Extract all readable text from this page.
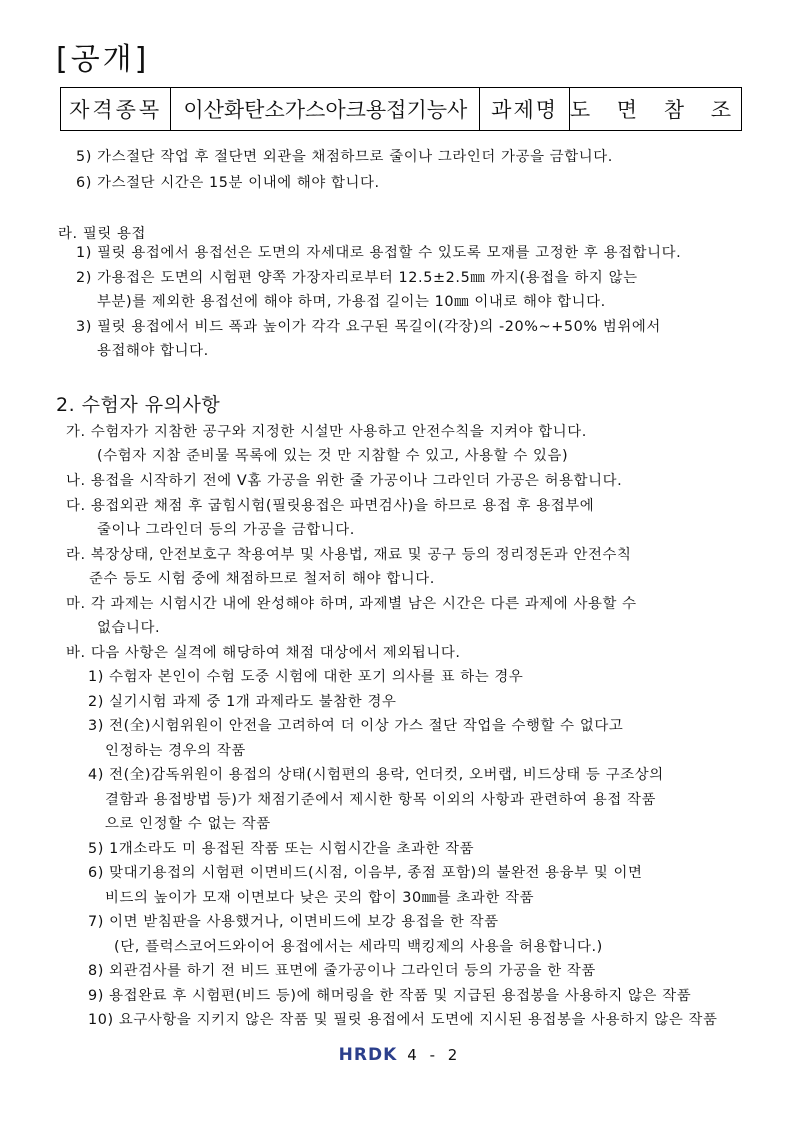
[공개]
자격종목	이산화탄소가스아크용접기능사	과제명	도 면 참 조
5) 가스절단 작업 후 절단면 외관을 채점하므로 줄이나 그라인더 가공을 금합니다.
6) 가스절단 시간은 15분 이내에 해야 합니다.
라. 필릿 용접
1) 필릿 용접에서 용접선은 도면의 자세대로 용접할 수 있도록 모재를 고정한 후 용접합니다.
2) 가용접은 도면의 시험편 양쪽 가장자리로부터 12.5±2.5㎜ 까지(용접을 하지 않는
부분)를 제외한 용접선에 해야 하며, 가용접 길이는 10㎜ 이내로 해야 합니다.
3) 필릿 용접에서 비드 폭과 높이가 각각 요구된 목길이(각장)의 -20%~+50% 범위에서
용접해야 합니다.
2. 수험자 유의사항
가. 수험자가 지참한 공구와 지정한 시설만 사용하고 안전수칙을 지켜야 합니다.
(수험자 지참 준비물 목록에 있는 것 만 지참할 수 있고, 사용할 수 있음)
나. 용접을 시작하기 전에 V홈 가공을 위한 줄 가공이나 그라인더 가공은 허용합니다.
다. 용접외관 채점 후 굽힘시험(필릿용접은 파면검사)을 하므로 용접 후 용접부에
줄이나 그라인더 등의 가공을 금합니다.
라. 복장상태, 안전보호구 착용여부 및 사용법, 재료 및 공구 등의 정리정돈과 안전수칙
준수 등도 시험 중에 채점하므로 철저히 해야 합니다.
마. 각 과제는 시험시간 내에 완성해야 하며, 과제별 남은 시간은 다른 과제에 사용할 수
없습니다.
바. 다음 사항은 실격에 해당하여 채점 대상에서 제외됩니다.
1) 수험자 본인이 수험 도중 시험에 대한 포기 의사를 표 하는 경우
2) 실기시험 과제 중 1개 과제라도 불참한 경우
3) 전(全)시험위원이 안전을 고려하여 더 이상 가스 절단 작업을 수행할 수 없다고
인정하는 경우의 작품
4) 전(全)감독위원이 용접의 상태(시험편의 용락, 언더컷, 오버랩, 비드상태 등 구조상의
결함과 용접방법 등)가 채점기준에서 제시한 항목 이외의 사항과 관련하여 용접 작품
으로 인정할 수 없는 작품
5) 1개소라도 미 용접된 작품 또는 시험시간을 초과한 작품
6) 맞대기용접의 시험편 이면비드(시점, 이음부, 종점 포함)의 불완전 용융부 및 이면
비드의 높이가 모재 이면보다 낮은 곳의 합이 30㎜를 초과한 작품
7) 이면 받침판을 사용했거나, 이면비드에 보강 용접을 한 작품
(단, 플럭스코어드와이어 용접에서는 세라믹 백킹제의 사용을 허용합니다.)
8) 외관검사를 하기 전 비드 표면에 줄가공이나 그라인더 등의 가공을 한 작품
9) 용접완료 후 시험편(비드 등)에 해머링을 한 작품 및 지급된 용접봉을 사용하지 않은 작품
10) 요구사항을 지키지 않은 작품 및 필릿 용접에서 도면에 지시된 용접봉을 사용하지 않은 작품
HRDK 4 - 2
